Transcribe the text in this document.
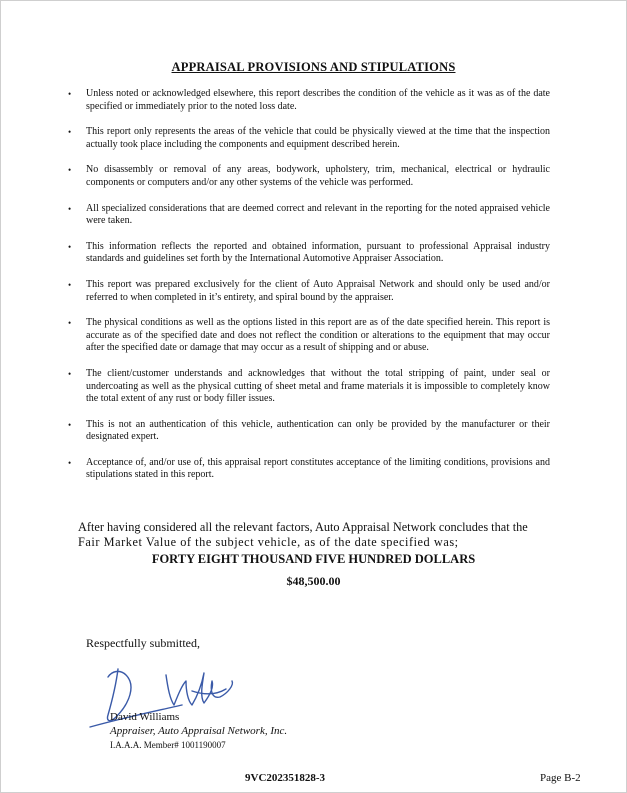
APPRAISAL PROVISIONS AND STIPULATIONS
• Unless noted or acknowledged elsewhere, this report describes the condition of the vehicle as it was as of the date specified or immediately prior to the noted loss date.
• This report only represents the areas of the vehicle that could be physically viewed at the time that the inspection actually took place including the components and equipment described herein.
• No disassembly or removal of any areas, bodywork, upholstery, trim, mechanical, electrical or hydraulic components or computers and/or any other systems of the vehicle was performed.
• All specialized considerations that are deemed correct and relevant in the reporting for the noted appraised vehicle were taken.
• This information reflects the reported and obtained information, pursuant to professional Appraisal industry standards and guidelines set forth by the International Automotive Appraiser Association.
• This report was prepared exclusively for the client of Auto Appraisal Network and should only be used and/or referred to when completed in it’s entirety, and spiral bound by the appraiser.
• The physical conditions as well as the options listed in this report are as of the date specified herein. This report is accurate as of the specified date and does not reflect the condition or alterations to the equipment that may occur after the specified date or damage that may occur as a result of shipping and or abuse.
• The client/customer understands and acknowledges that without the total stripping of paint, under seal or undercoating as well as the physical cutting of sheet metal and frame materials it is impossible to completely know the total extent of any rust or body filler issues.
• This is not an authentication of this vehicle, authentication can only be provided by the manufacturer or their designated expert.
• Acceptance of, and/or use of, this appraisal report constitutes acceptance of the limiting conditions, provisions and stipulations stated in this report.
After having considered all the relevant factors, Auto Appraisal Network concludes that the
Fair Market Value of the subject vehicle, as of the date specified was;
FORTY EIGHT THOUSAND FIVE HUNDRED DOLLARS
$48,500.00
Respectfully submitted,
David Williams
Appraiser, Auto Appraisal Network, Inc.
I.A.A.A. Member# 1001190007
9VC202351828-3	Page B-2
